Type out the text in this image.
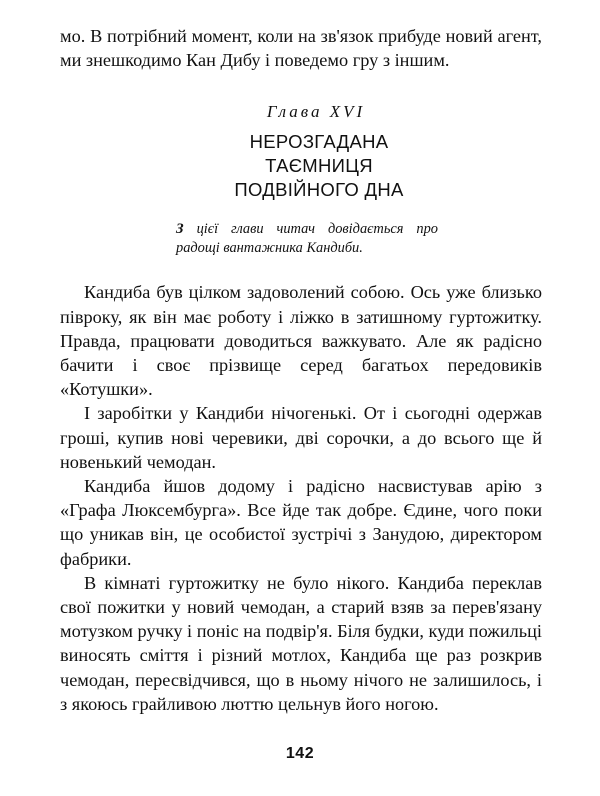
мо. В потрібний момент, коли на зв'язок прибуде новий агент, ми знешкодимо Кан Дибу і поведемо гру з іншим.

Глава XVI
НЕРОЗГАДАНА
ТАЄМНИЦЯ
ПОДВІЙНОГО ДНА
З цієї глави читач довідається про радощі вантажника Кандиби.

Кандиба був цілком задоволений собою. Ось уже близько півроку, як він має роботу і ліжко в затишному гуртожитку. Правда, працювати доводиться важкувато. Але як радісно бачити і своє прізвище серед багатьох передовиків «Котушки».

І заробітки у Кандиби нічогенькі. От і сьогодні одержав гроші, купив нові черевики, дві сорочки, а до всього ще й новенький чемодан.

Кандиба йшов додому і радісно насвистував арію з «Графа Люксембурга». Все йде так добре. Єдине, чого поки що уникав він, це особистої зустрічі з Занудою, директором фабрики.

В кімнаті гуртожитку не було нікого. Кандиба переклав свої пожитки у новий чемодан, а старий взяв за перев'язану мотузком ручку і поніс на подвір'я. Біля будки, куди пожильці виносять сміття і різний мотлох, Кандиба ще раз розкрив чемодан, пересвідчився, що в ньому нічого не залишилось, і з якоюсь грайливою люттю цельнув його ногою.

142
